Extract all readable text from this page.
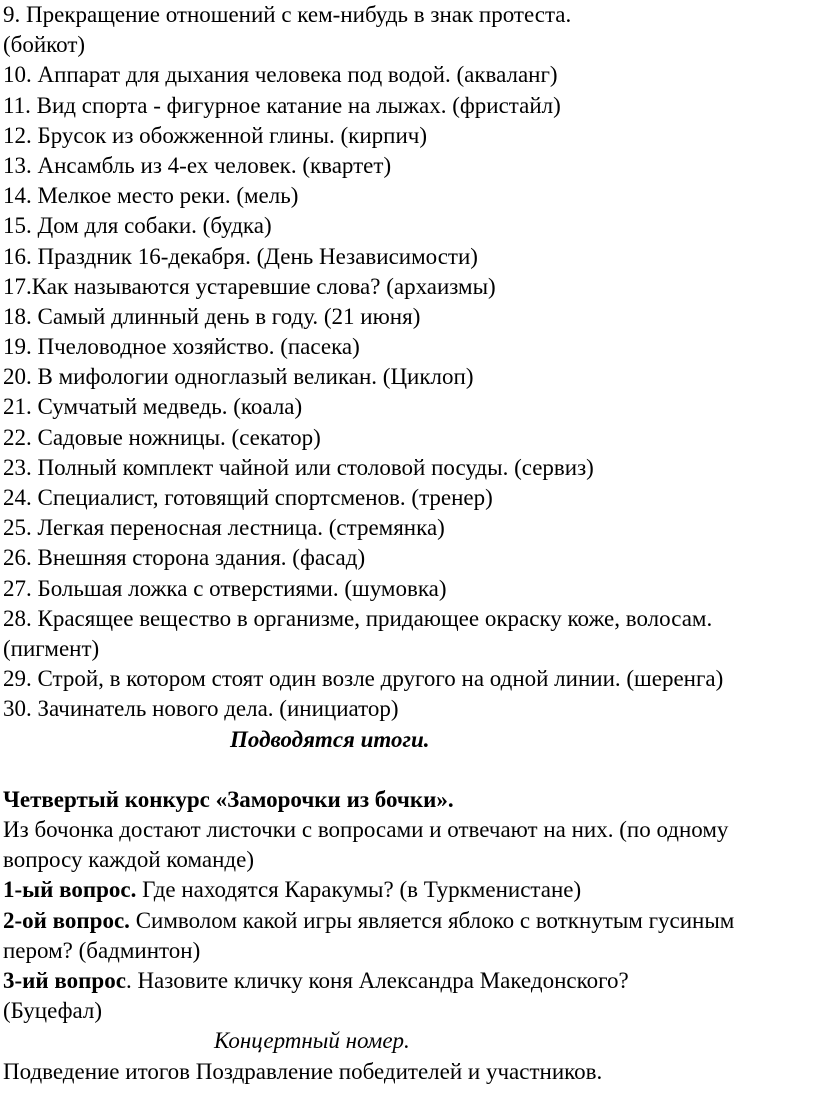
9. Прекращение отношений с кем-нибудь в знак протеста.
(бойкот)
10. Аппарат для дыхания человека под водой. (акваланг)
11. Вид спорта - фигурное катание на лыжах. (фристайл)
12. Брусок из обожженной глины. (кирпич)
13. Ансамбль из 4-ех человек. (квартет)
14. Мелкое место реки. (мель)
15. Дом для собаки. (будка)
16. Праздник 16-декабря. (День Независимости)
17.Как называются устаревшие слова? (архаизмы)
18. Самый длинный день в году. (21 июня)
19. Пчеловодное хозяйство. (пасека)
20. В мифологии одноглазый великан. (Циклоп)
21. Сумчатый медведь. (коала)
22. Садовые ножницы. (секатор)
23. Полный комплект чайной или столовой посуды. (сервиз)
24. Специалист, готовящий спортсменов. (тренер)
25. Легкая переносная лестница. (стремянка)
26. Внешняя сторона здания. (фасад)
27. Большая ложка с отверстиями. (шумовка)
28. Красящее вещество в организме, придающее окраску коже, волосам.
(пигмент)
29. Строй, в котором стоят один возле другого на одной линии. (шеренга)
30. Зачинатель нового дела. (инициатор)
Подводятся итоги.
Четвертый конкурс «Заморочки из бочки».
Из бочонка достают листочки с вопросами и отвечают на них. (по одному
вопросу каждой команде)
1-ый вопрос. Где находятся Каракумы? (в Туркменистане)
2-ой вопрос. Символом какой игры является яблоко с воткнутым гусиным
пером? (бадминтон)
3-ий вопрос. Назовите кличку коня Александра Македонского?
(Буцефал)
Концертный номер.
Подведение итогов Поздравление победителей и участников.
